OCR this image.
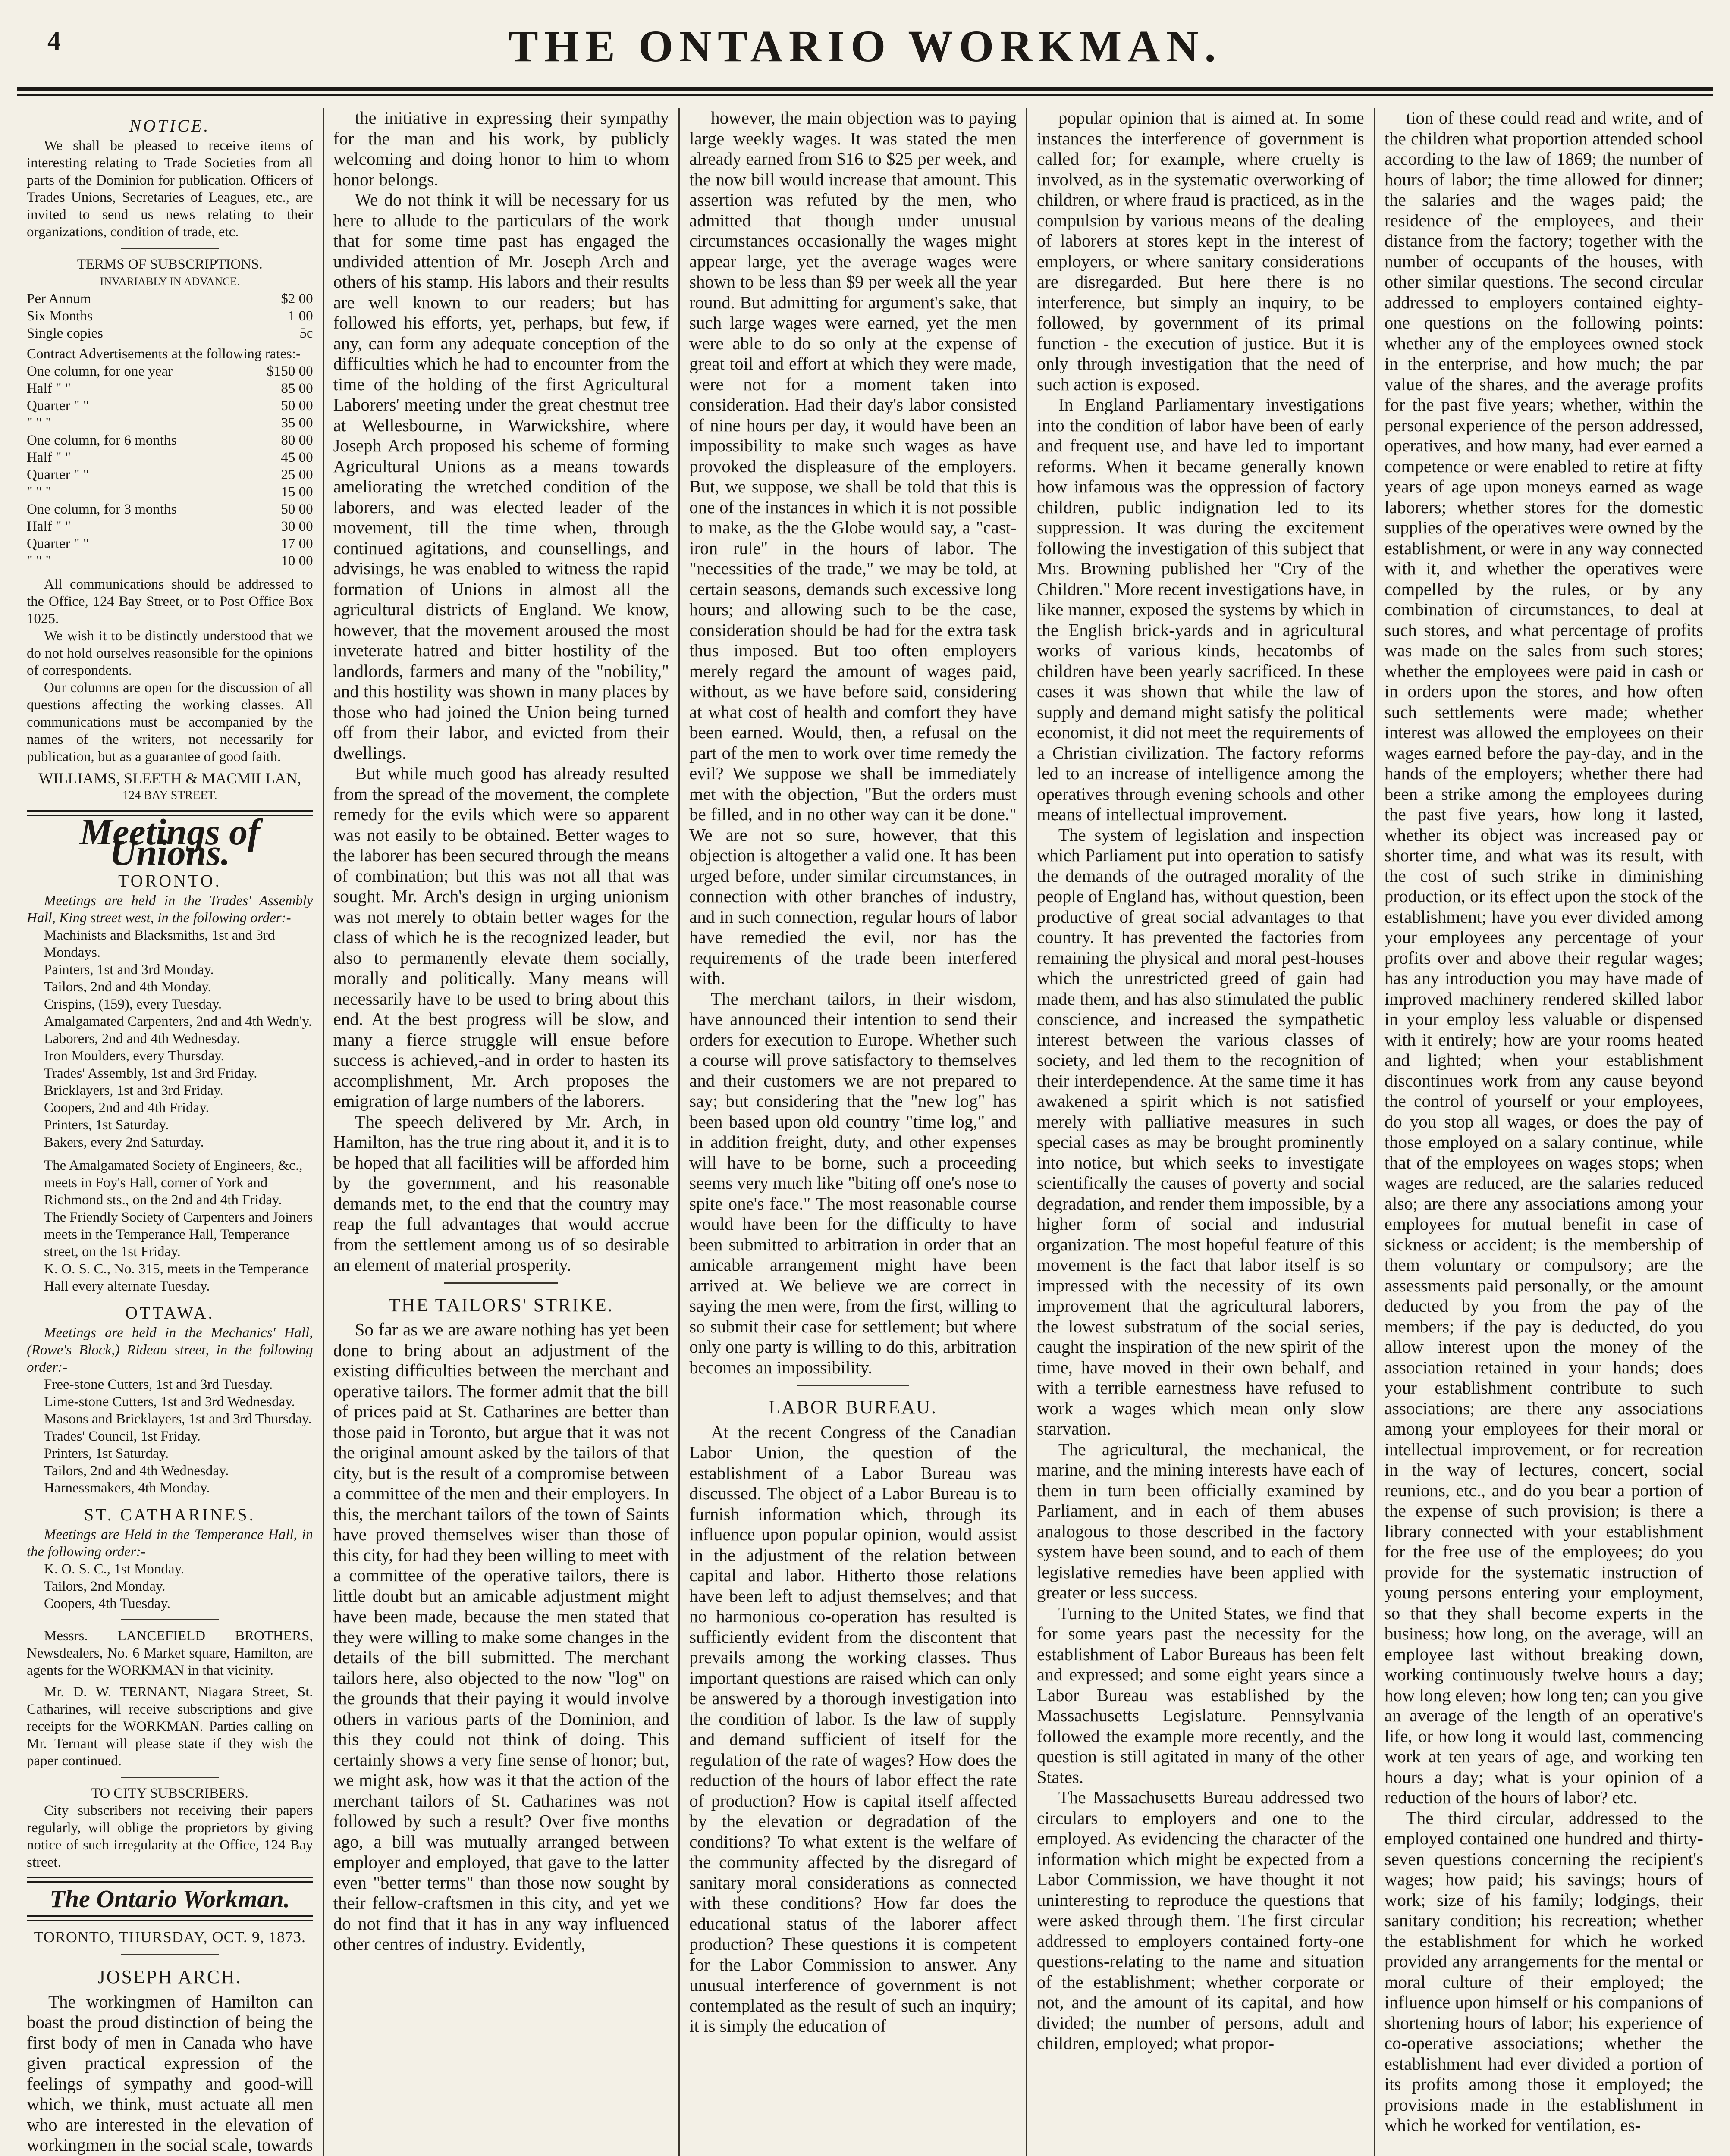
4	THE ONTARIO WORKMAN.
NOTICE.

We shall be pleased to receive items of interesting relating to Trade Societies from all parts of the Dominion for publication. Officers of Trades Unions, Secretaries of Leagues, etc., are invited to send us news relating to their organizations, condition of trade, etc.

TERMS OF SUBSCRIPTIONS.
INVARIABLY IN ADVANCE.
Per Annum	$2 00
Six Months	1 00
Single copies	5c
Contract Advertisements at the following rates:-
One column, for one year	$150 00
Half " "	85 00
Quarter " "	50 00
" " "	35 00
One column, for 6 months	80 00
Half " "	45 00
Quarter " "	25 00
" " "	15 00
One column, for 3 months	50 00
Half " "	30 00
Quarter " "	17 00
" " "	10 00

All communications should be addressed to the Office, 124 Bay Street, or to Post Office Box 1025.

We wish it to be distinctly understood that we do not hold ourselves reasonsible for the opinions of correspondents.

Our columns are open for the discussion of all questions affecting the working classes. All communications must be accompanied by the names of the writers, not necessarily for publication, but as a guarantee of good faith.

WILLIAMS, SLEETH & MACMILLAN,
124 BAY STREET.
Meetings of Unions.
TORONTO.

Meetings are held in the Trades' Assembly Hall, King street west, in the following order:-

Machinists and Blacksmiths, 1st and 3rd Mondays.

Painters, 1st and 3rd Monday.

Tailors, 2nd and 4th Monday.

Crispins, (159), every Tuesday.

Amalgamated Carpenters, 2nd and 4th Wedn'y.

Laborers, 2nd and 4th Wednesday.

Iron Moulders, every Thursday.

Trades' Assembly, 1st and 3rd Friday.

Bricklayers, 1st and 3rd Friday.

Coopers, 2nd and 4th Friday.

Printers, 1st Saturday.

Bakers, every 2nd Saturday.

The Amalgamated Society of Engineers, &c., meets in Foy's Hall, corner of York and Richmond sts., on the 2nd and 4th Friday.

The Friendly Society of Carpenters and Joiners meets in the Temperance Hall, Temperance street, on the 1st Friday.

K. O. S. C., No. 315, meets in the Temperance Hall every alternate Tuesday.

OTTAWA.

Meetings are held in the Mechanics' Hall, (Rowe's Block,) Rideau street, in the following order:-

Free-stone Cutters, 1st and 3rd Tuesday.

Lime-stone Cutters, 1st and 3rd Wednesday.

Masons and Bricklayers, 1st and 3rd Thursday.

Trades' Council, 1st Friday.

Printers, 1st Saturday.

Tailors, 2nd and 4th Wednesday.

Harnessmakers, 4th Monday.

ST. CATHARINES.

Meetings are Held in the Temperance Hall, in the following order:-

K. O. S. C., 1st Monday.

Tailors, 2nd Monday.

Coopers, 4th Tuesday.

Messrs. LANCEFIELD BROTHERS, Newsdealers, No. 6 Market square, Hamilton, are agents for the WORKMAN in that vicinity.

Mr. D. W. TERNANT, Niagara Street, St. Catharines, will receive subscriptions and give receipts for the WORKMAN. Parties calling on Mr. Ternant will please state if they wish the paper continued.

TO CITY SUBSCRIBERS.

City subscribers not receiving their papers regularly, will oblige the proprietors by giving notice of such irregularity at the Office, 124 Bay street.

The Ontario Workman.
TORONTO, THURSDAY, OCT. 9, 1873.
JOSEPH ARCH.

The workingmen of Hamilton can boast the proud distinction of being the first body of men in Canada who have given practical expression of the feelings of sympathy and good-will which, we think, must actuate all men who are interested in the elevation of workingmen in the social scale, towards

the initiative in expressing their sympathy for the man and his work, by publicly welcoming and doing honor to him to whom honor belongs.

We do not think it will be necessary for us here to allude to the particulars of the work that for some time past has engaged the undivided attention of Mr. Joseph Arch and others of his stamp. His labors and their results are well known to our readers; but has followed his efforts, yet, perhaps, but few, if any, can form any adequate conception of the difficulties which he had to encounter from the time of the holding of the first Agricultural Laborers' meeting under the great chestnut tree at Wellesbourne, in Warwickshire, where Joseph Arch proposed his scheme of forming Agricultural Unions as a means towards ameliorating the wretched condition of the laborers, and was elected leader of the movement, till the time when, through continued agitations, and counsellings, and advisings, he was enabled to witness the rapid formation of Unions in almost all the agricultural districts of England. We know, however, that the movement aroused the most inveterate hatred and bitter hostility of the landlords, farmers and many of the "nobility," and this hostility was shown in many places by those who had joined the Union being turned off from their labor, and evicted from their dwellings.

But while much good has already resulted from the spread of the movement, the complete remedy for the evils which were so apparent was not easily to be obtained. Better wages to the laborer has been secured through the means of combination; but this was not all that was sought. Mr. Arch's design in urging unionism was not merely to obtain better wages for the class of which he is the recognized leader, but also to permanently elevate them socially, morally and politically. Many means will necessarily have to be used to bring about this end. At the best progress will be slow, and many a fierce struggle will ensue before success is achieved,-and in order to hasten its accomplishment, Mr. Arch proposes the emigration of large numbers of the laborers.

The speech delivered by Mr. Arch, in Hamilton, has the true ring about it, and it is to be hoped that all facilities will be afforded him by the government, and his reasonable demands met, to the end that the country may reap the full advantages that would accrue from the settlement among us of so desirable an element of material prosperity.

THE TAILORS' STRIKE.

So far as we are aware nothing has yet been done to bring about an adjustment of the existing difficulties between the merchant and operative tailors. The former admit that the bill of prices paid at St. Catharines are better than those paid in Toronto, but argue that it was not the original amount asked by the tailors of that city, but is the result of a compromise between a committee of the men and their employers. In this, the merchant tailors of the town of Saints have proved themselves wiser than those of this city, for had they been willing to meet with a committee of the operative tailors, there is little doubt but an amicable adjustment might have been made, because the men stated that they were willing to make some changes in the details of the bill submitted. The merchant tailors here, also objected to the now "log" on the grounds that their paying it would involve others in various parts of the Dominion, and this they could not think of doing. This certainly shows a very fine sense of honor; but, we might ask, how was it that the action of the merchant tailors of St. Catharines was not followed by such a result? Over five months ago, a bill was mutually arranged between employer and employed, that gave to the latter even "better terms" than those now sought by their fellow-craftsmen in this city, and yet we do not find that it has in any way influenced other centres of industry. Evidently,

however, the main objection was to paying large weekly wages. It was stated the men already earned from $16 to $25 per week, and the now bill would increase that amount. This assertion was refuted by the men, who admitted that though under unusual circumstances occasionally the wages might appear large, yet the average wages were shown to be less than $9 per week all the year round. But admitting for argument's sake, that such large wages were earned, yet the men were able to do so only at the expense of great toil and effort at which they were made, were not for a moment taken into consideration. Had their day's labor consisted of nine hours per day, it would have been an impossibility to make such wages as have provoked the displeasure of the employers. But, we suppose, we shall be told that this is one of the instances in which it is not possible to make, as the the Globe would say, a "cast-iron rule" in the hours of labor. The "necessities of the trade," we may be told, at certain seasons, demands such excessive long hours; and allowing such to be the case, consideration should be had for the extra task thus imposed. But too often employers merely regard the amount of wages paid, without, as we have before said, considering at what cost of health and comfort they have been earned. Would, then, a refusal on the part of the men to work over time remedy the evil? We suppose we shall be immediately met with the objection, "But the orders must be filled, and in no other way can it be done." We are not so sure, however, that this objection is altogether a valid one. It has been urged before, under similar circumstances, in connection with other branches of industry, and in such connection, regular hours of labor have remedied the evil, nor has the requirements of the trade been interfered with.

The merchant tailors, in their wisdom, have announced their intention to send their orders for execution to Europe. Whether such a course will prove satisfactory to themselves and their customers we are not prepared to say; but considering that the "new log" has been based upon old country "time log," and in addition freight, duty, and other expenses will have to be borne, such a proceeding seems very much like "biting off one's nose to spite one's face." The most reasonable course would have been for the difficulty to have been submitted to arbitration in order that an amicable arrangement might have been arrived at. We believe we are correct in saying the men were, from the first, willing to so submit their case for settlement; but where only one party is willing to do this, arbitration becomes an impossibility.

LABOR BUREAU.

At the recent Congress of the Canadian Labor Union, the question of the establishment of a Labor Bureau was discussed. The object of a Labor Bureau is to furnish information which, through its influence upon popular opinion, would assist in the adjustment of the relation between capital and labor. Hitherto those relations have been left to adjust themselves; and that no harmonious co-operation has resulted is sufficiently evident from the discontent that prevails among the working classes. Thus important questions are raised which can only be answered by a thorough investigation into the condition of labor. Is the law of supply and demand sufficient of itself for the regulation of the rate of wages? How does the reduction of the hours of labor effect the rate of production? How is capital itself affected by the elevation or degradation of the conditions? To what extent is the welfare of the community affected by the disregard of sanitary moral considerations as connected with these conditions? How far does the educational status of the laborer affect production? These questions it is competent for the Labor Commission to answer. Any unusual interference of government is not contemplated as the result of such an inquiry; it is simply the education of

popular opinion that is aimed at. In some instances the interference of government is called for; for example, where cruelty is involved, as in the systematic overworking of children, or where fraud is practiced, as in the compulsion by various means of the dealing of laborers at stores kept in the interest of employers, or where sanitary considerations are disregarded. But here there is no interference, but simply an inquiry, to be followed, by government of its primal function - the execution of justice. But it is only through investigation that the need of such action is exposed.

In England Parliamentary investigations into the condition of labor have been of early and frequent use, and have led to important reforms. When it became generally known how infamous was the oppression of factory children, public indignation led to its suppression. It was during the excitement following the investigation of this subject that Mrs. Browning published her "Cry of the Children." More recent investigations have, in like manner, exposed the systems by which in the English brick-yards and in agricultural works of various kinds, hecatombs of children have been yearly sacrificed. In these cases it was shown that while the law of supply and demand might satisfy the political economist, it did not meet the requirements of a Christian civilization. The factory reforms led to an increase of intelligence among the operatives through evening schools and other means of intellectual improvement.

The system of legislation and inspection which Parliament put into operation to satisfy the demands of the outraged morality of the people of England has, without question, been productive of great social advantages to that country. It has prevented the factories from remaining the physical and moral pest-houses which the unrestricted greed of gain had made them, and has also stimulated the public conscience, and increased the sympathetic interest between the various classes of society, and led them to the recognition of their interdependence. At the same time it has awakened a spirit which is not satisfied merely with palliative measures in such special cases as may be brought prominently into notice, but which seeks to investigate scientifically the causes of poverty and social degradation, and render them impossible, by a higher form of social and industrial organization. The most hopeful feature of this movement is the fact that labor itself is so impressed with the necessity of its own improvement that the agricultural laborers, the lowest substratum of the social series, caught the inspiration of the new spirit of the time, have moved in their own behalf, and with a terrible earnestness have refused to work a wages which mean only slow starvation.

The agricultural, the mechanical, the marine, and the mining interests have each of them in turn been officially examined by Parliament, and in each of them abuses analogous to those described in the factory system have been sound, and to each of them legislative remedies have been applied with greater or less success.

Turning to the United States, we find that for some years past the necessity for the establishment of Labor Bureaus has been felt and expressed; and some eight years since a Labor Bureau was established by the Massachusetts Legislature. Pennsylvania followed the example more recently, and the question is still agitated in many of the other States.

The Massachusetts Bureau addressed two circulars to employers and one to the employed. As evidencing the character of the information which might be expected from a Labor Commission, we have thought it not uninteresting to reproduce the questions that were asked through them. The first circular addressed to employers contained forty-one questions-relating to the name and situation of the establishment; whether corporate or not, and the amount of its capital, and how divided; the number of persons, adult and children, employed; what propor-

tion of these could read and write, and of the children what proportion attended school according to the law of 1869; the number of hours of labor; the time allowed for dinner; the salaries and the wages paid; the residence of the employees, and their distance from the factory; together with the number of occupants of the houses, with other similar questions. The second circular addressed to employers contained eighty-one questions on the following points: whether any of the employees owned stock in the enterprise, and how much; the par value of the shares, and the average profits for the past five years; whether, within the personal experience of the person addressed, operatives, and how many, had ever earned a competence or were enabled to retire at fifty years of age upon moneys earned as wage laborers; whether stores for the domestic supplies of the operatives were owned by the establishment, or were in any way connected with it, and whether the operatives were compelled by the rules, or by any combination of circumstances, to deal at such stores, and what percentage of profits was made on the sales from such stores; whether the employees were paid in cash or in orders upon the stores, and how often such settlements were made; whether interest was allowed the employees on their wages earned before the pay-day, and in the hands of the employers; whether there had been a strike among the employees during the past five years, how long it lasted, whether its object was increased pay or shorter time, and what was its result, with the cost of such strike in diminishing production, or its effect upon the stock of the establishment; have you ever divided among your employees any percentage of your profits over and above their regular wages; has any introduction you may have made of improved machinery rendered skilled labor in your employ less valuable or dispensed with it entirely; how are your rooms heated and lighted; when your establishment discontinues work from any cause beyond the control of yourself or your employees, do you stop all wages, or does the pay of those employed on a salary continue, while that of the employees on wages stops; when wages are reduced, are the salaries reduced also; are there any associations among your employees for mutual benefit in case of sickness or accident; is the membership of them voluntary or compulsory; are the assessments paid personally, or the amount deducted by you from the pay of the members; if the pay is deducted, do you allow interest upon the money of the association retained in your hands; does your establishment contribute to such associations; are there any associations among your employees for their moral or intellectual improvement, or for recreation in the way of lectures, concert, social reunions, etc., and do you bear a portion of the expense of such provision; is there a library connected with your establishment for the free use of the employees; do you provide for the systematic instruction of young persons entering your employment, so that they shall become experts in the business; how long, on the average, will an employee last without breaking down, working continuously twelve hours a day; how long eleven; how long ten; can you give an average of the length of an operative's life, or how long it would last, commencing work at ten years of age, and working ten hours a day; what is your opinion of a reduction of the hours of labor? etc.

The third circular, addressed to the employed contained one hundred and thirty-seven questions concerning the recipient's wages; how paid; his savings; hours of work; size of his family; lodgings, their sanitary condition; his recreation; whether the establishment for which he worked provided any arrangements for the mental or moral culture of their employed; the influence upon himself or his companions of shortening hours of labor; his experience of co-operative associations; whether the establishment had ever divided a portion of its profits among those it employed; the provisions made in the establishment in which he worked for ventilation, es-
